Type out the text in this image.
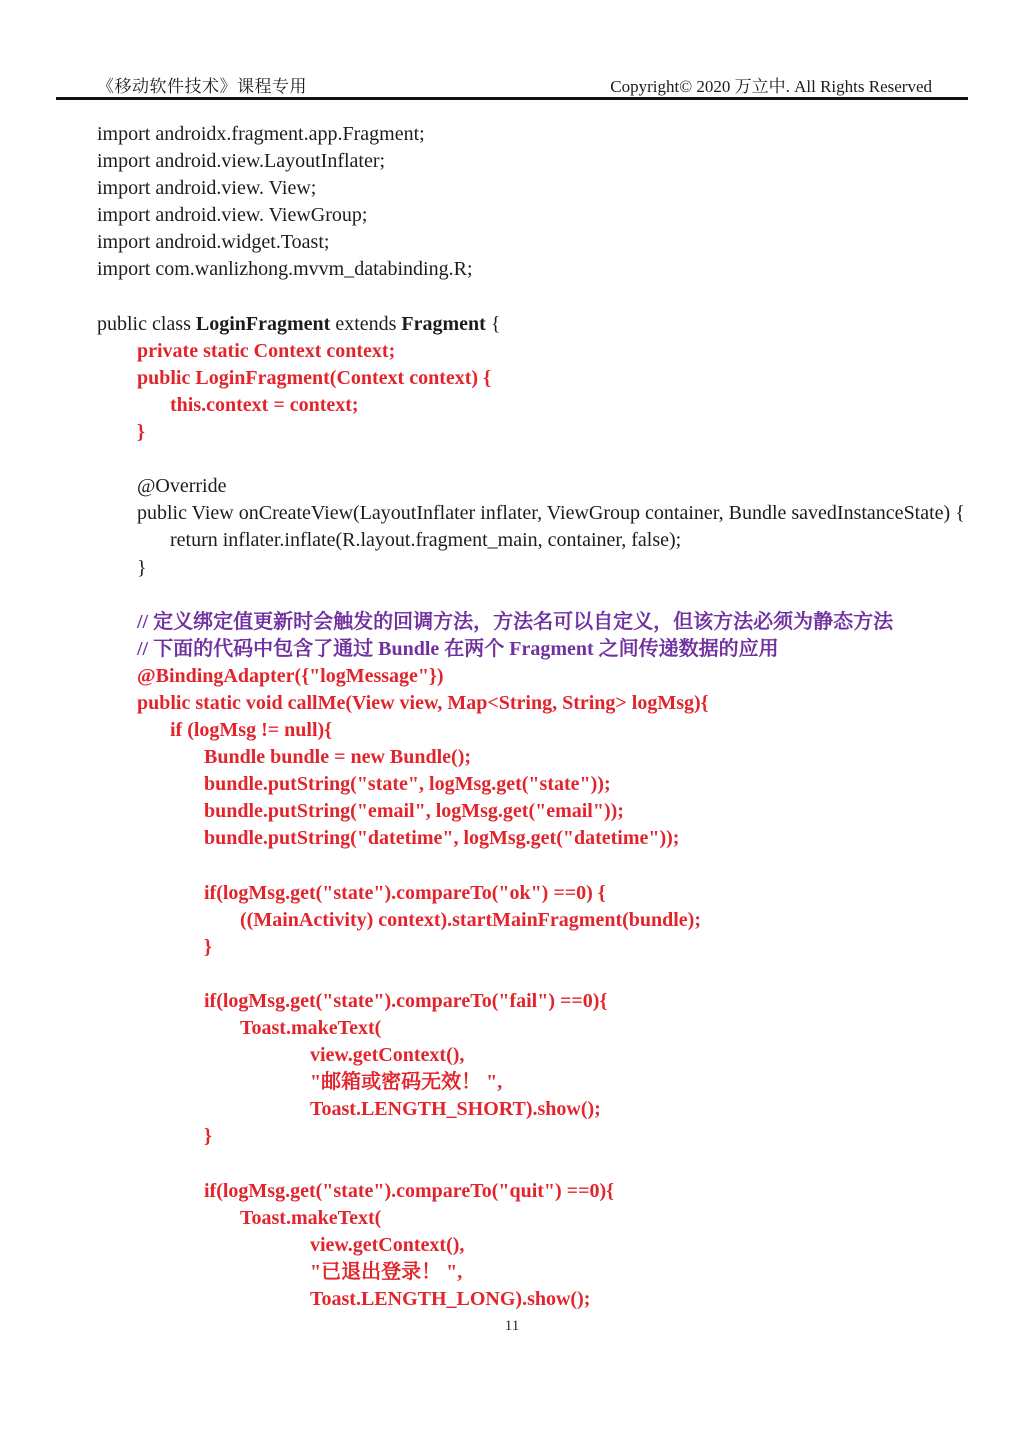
《移动软件技术》课程专用	Copyright© 2020 万立中. All Rights Reserved
import androidx.fragment.app.Fragment;
import android.view.LayoutInflater;
import android.view. View;
import android.view. ViewGroup;
import android.widget.Toast;
import com.wanlizhong.mvvm_databinding.R;

public class LoginFragment extends Fragment {
private static Context context;
public LoginFragment(Context context) {
this.context = context;
}

@Override
public View onCreateView(LayoutInflater inflater, ViewGroup container, Bundle savedInstanceState) {
return inflater.inflate(R.layout.fragment_main, container, false);
}

// 定义绑定值更新时会触发的回调方法，方法名可以自定义，但该方法必须为静态方法
// 下面的代码中包含了通过 Bundle 在两个 Fragment 之间传递数据的应用
@BindingAdapter({"logMessage"})
public static void callMe(View view, Map<String, String> logMsg){
if (logMsg != null){
Bundle bundle = new Bundle();
bundle.putString("state", logMsg.get("state"));
bundle.putString("email", logMsg.get("email"));
bundle.putString("datetime", logMsg.get("datetime"));

if(logMsg.get("state").compareTo("ok") ==0) {
((MainActivity) context).startMainFragment(bundle);
}

if(logMsg.get("state").compareTo("fail") ==0){
Toast.makeText(
view.getContext(),
"邮箱或密码无效！ ",
Toast.LENGTH_SHORT).show();
}

if(logMsg.get("state").compareTo("quit") ==0){
Toast.makeText(
view.getContext(),
"已退出登录！ ",
Toast.LENGTH_LONG).show();
11
